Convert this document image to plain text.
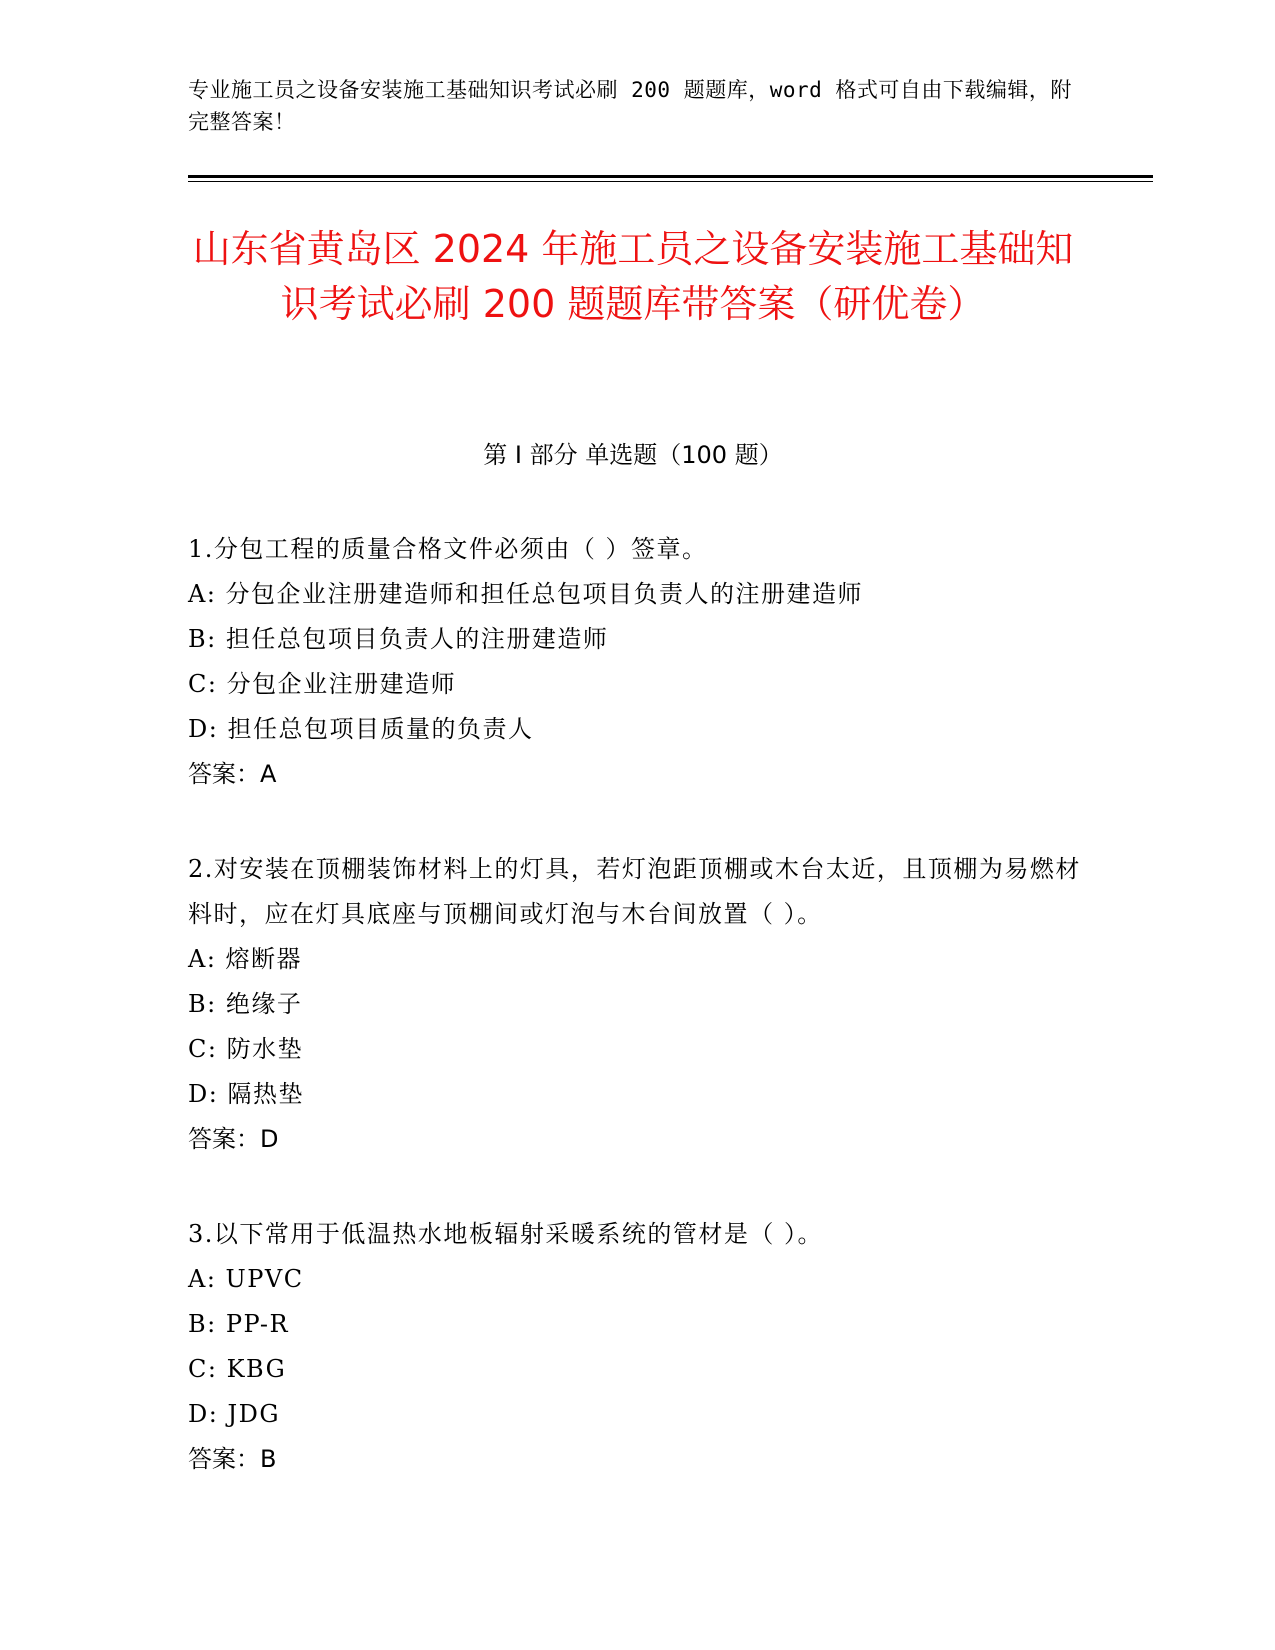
专业施工员之设备安装施工基础知识考试必刷 200 题题库，word 格式可自由下载编辑，附完整答案！
山东省黄岛区 2024 年施工员之设备安装施工基础知识考试必刷 200 题题库带答案（研优卷）
第 I 部分 单选题（100 题）
1.分包工程的质量合格文件必须由（ ）签章。
A: 分包企业注册建造师和担任总包项目负责人的注册建造师
B: 担任总包项目负责人的注册建造师
C: 分包企业注册建造师
D: 担任总包项目质量的负责人
答案：A
2.对安装在顶棚装饰材料上的灯具，若灯泡距顶棚或木台太近，且顶棚为易燃材料时，应在灯具底座与顶棚间或灯泡与木台间放置（ ）。
A: 熔断器
B: 绝缘子
C: 防水垫
D: 隔热垫
答案：D
3.以下常用于低温热水地板辐射采暖系统的管材是（ ）。
A: UPVC
B: PP-R
C: KBG
D: JDG
答案：B
